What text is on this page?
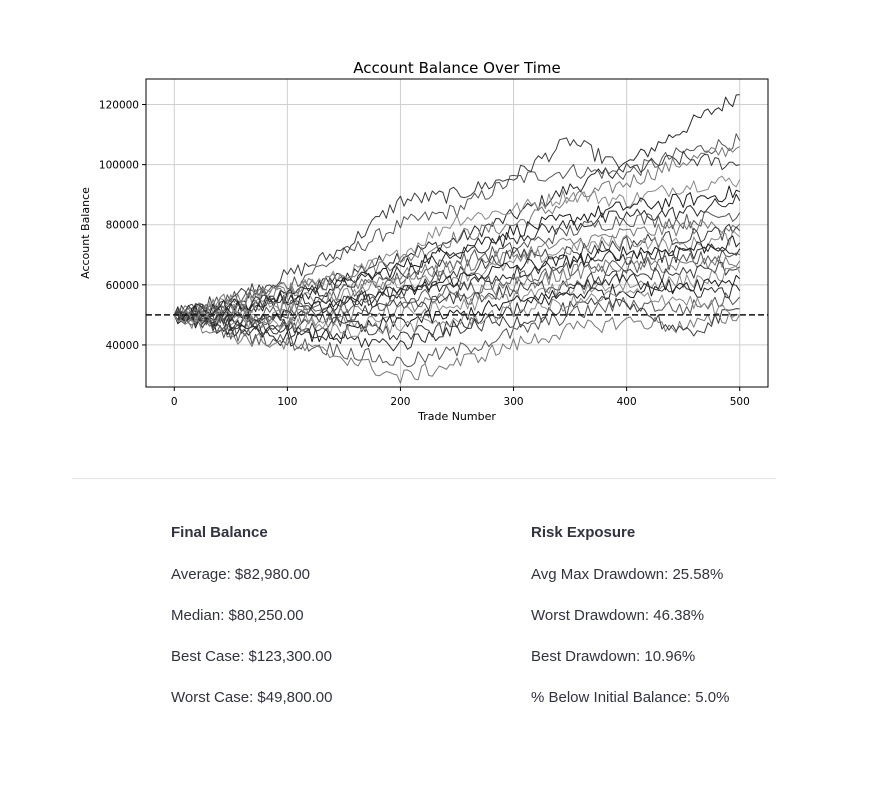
Account Balance Over Time
0	100	200	300	400	500
40000
60000
80000
100000
120000
Trade Number
Account Balance
Final Balance
Average: $82,980.00
Median: $80,250.00
Best Case: $123,300.00
Worst Case: $49,800.00
Risk Exposure
Avg Max Drawdown: 25.58%
Worst Drawdown: 46.38%
Best Drawdown: 10.96%
% Below Initial Balance: 5.0%
